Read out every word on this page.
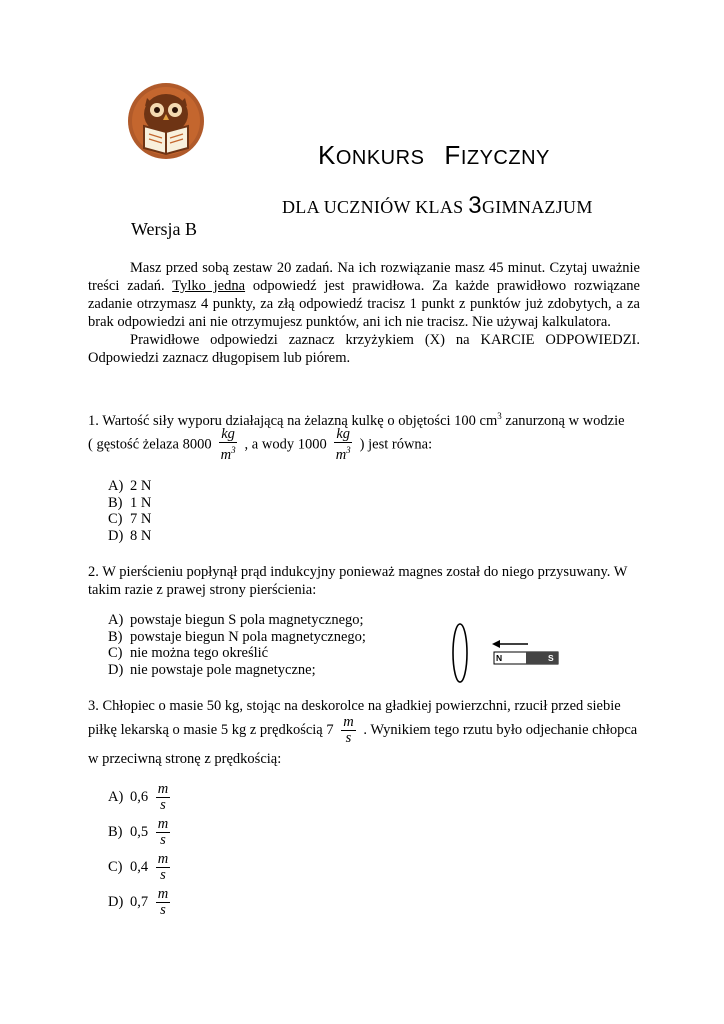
KONKURS FIZYCZNY
DLA UCZNIÓW KLAS 3GIMNAZJUM
Wersja B

Masz przed sobą zestaw 20 zadań. Na ich rozwiązanie masz 45 minut. Czytaj uważnie treści zadań. Tylko jedna odpowiedź jest prawidłowa. Za każde prawidłowo rozwiązane zadanie otrzymasz 4 punkty, za złą odpowiedź tracisz 1 punkt z punktów już zdobytych, a za brak odpowiedzi ani nie otrzymujesz punktów, ani ich nie tracisz. Nie używaj kalkulatora.

Prawidłowe odpowiedzi zaznacz krzyżykiem (X) na KARCIE ODPOWIEDZI. Odpowiedzi zaznacz długopisem lub piórem.

1. Wartość siły wyporu działającą na żelazną kulkę o objętości 100 $cm^3$ zanurzoną w wodzie
( gęstość żelaza $8000 \frac{kg}{m^3}$ , a wody $1000 \frac{kg}{m^3}$ ) jest równa:
A) 2 N
B) 1 N
C) 7 N
D) 8 N
2. W pierścieniu popłynął prąd indukcyjny ponieważ magnes został do niego przysuwany. W takim razie z prawej strony pierścienia:
A) powstaje biegun S pola magnetycznego;
B) powstaje biegun N pola magnetycznego;
C) nie można tego określić
D) nie powstaje pole magnetyczne;
N	S
3. Chłopiec o masie 50 kg, stojąc na deskorolce na gładkiej powierzchni, rzucił przed siebie
piłkę lekarską o masie 5 kg z prędkością $7 \frac{m}{s}$ . Wynikiem tego rzutu było odjechanie chłopca
w przeciwną stronę z prędkością:
A) $0,6 \frac{m}{s}$
B) $0,5 \frac{m}{s}$
C) $0,4 \frac{m}{s}$
D) $0,7 \frac{m}{s}$
